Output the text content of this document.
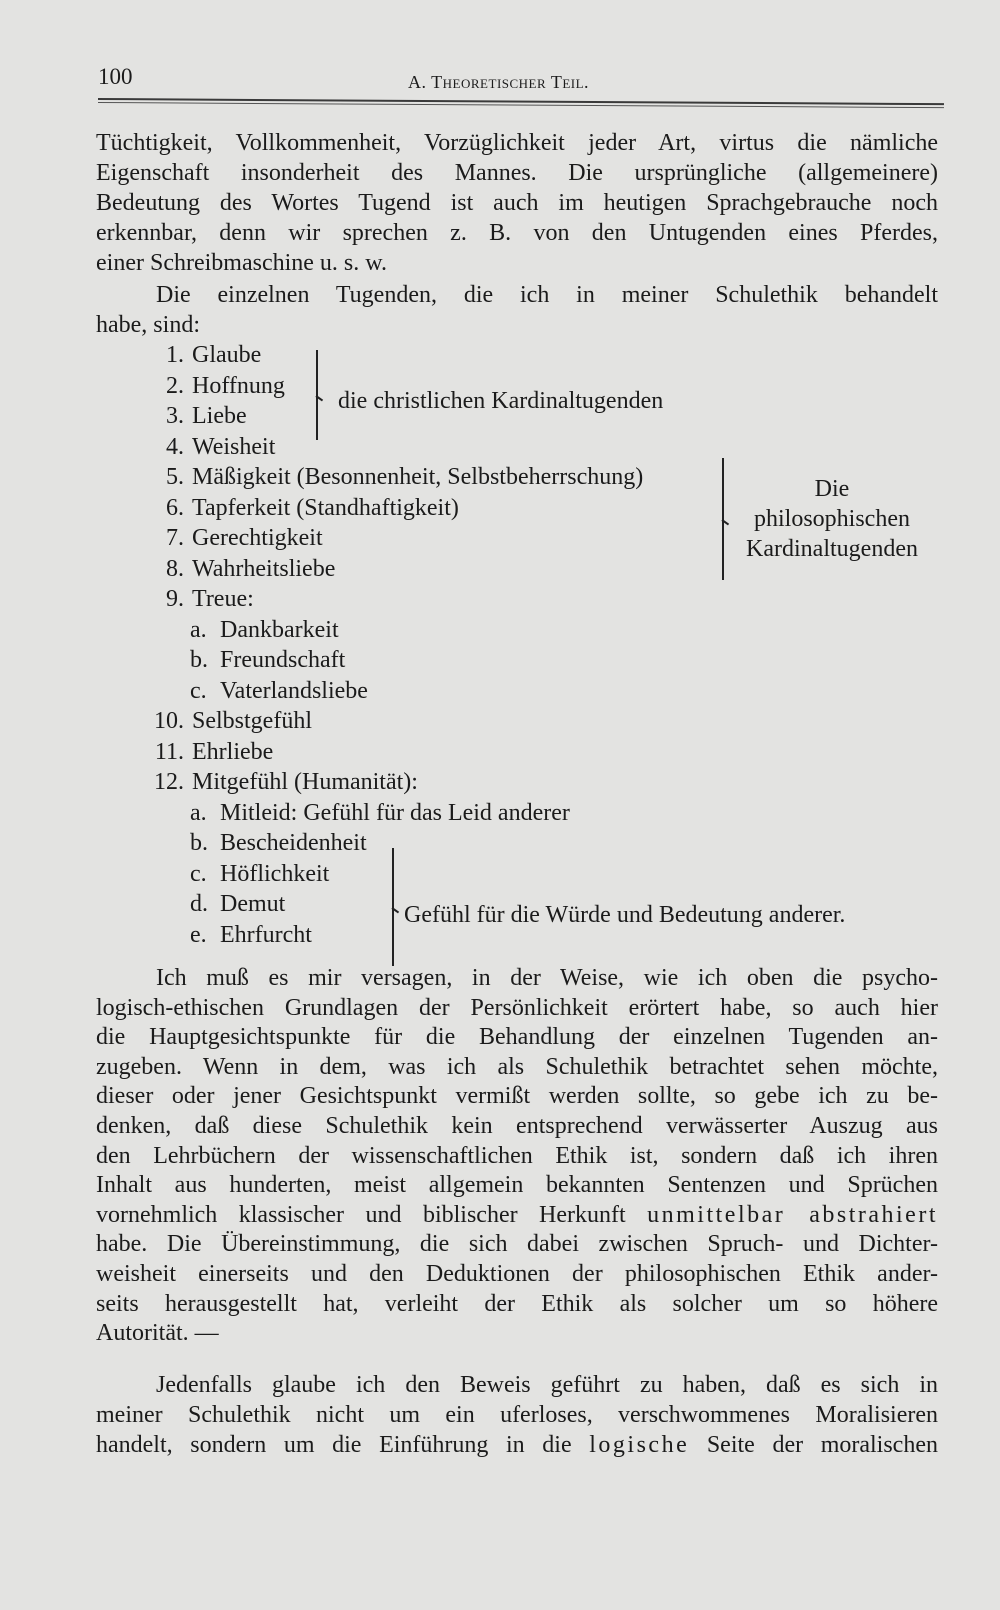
100	A. Theoretischer Teil.
Tüchtigkeit, Vollkommenheit, Vorzüglichkeit jeder Art, virtus die nämliche
Eigenschaft insonderheit des Mannes. Die ursprüngliche (allgemeinere)
Bedeutung des Wortes Tugend ist auch im heutigen Sprachgebrauche noch
erkennbar, denn wir sprechen z. B. von den Untugenden eines Pferdes,
einer Schreibmaschine u. s. w.
Die einzelnen Tugenden, die ich in meiner Schulethik behandelt
habe, sind:
1. Glaube
2. Hoffnung
3. Liebe
4. Weisheit
5. Mäßigkeit (Besonnenheit, Selbstbeherrschung)
6. Tapferkeit (Standhaftigkeit)
7. Gerechtigkeit
8. Wahrheitsliebe
9. Treue:
a. Dankbarkeit
b. Freundschaft
c. Vaterlandsliebe
10. Selbstgefühl
11. Ehrliebe
12. Mitgefühl (Humanität):
a. Mitleid: Gefühl für das Leid anderer
b. Bescheidenheit
c. Höflichkeit
d. Demut
e. Ehrfurcht
die christlichen Kardinaltugenden
Die
philosophischen
Kardinaltugenden
Gefühl für die Würde und Bedeutung anderer.
Ich muß es mir versagen, in der Weise, wie ich oben die psycho-
logisch-ethischen Grundlagen der Persönlichkeit erörtert habe, so auch hier
die Hauptgesichtspunkte für die Behandlung der einzelnen Tugenden an-
zugeben. Wenn in dem, was ich als Schulethik betrachtet sehen möchte,
dieser oder jener Gesichtspunkt vermißt werden sollte, so gebe ich zu be-
denken, daß diese Schulethik kein entsprechend verwässerter Auszug aus
den Lehrbüchern der wissenschaftlichen Ethik ist, sondern daß ich ihren
Inhalt aus hunderten, meist allgemein bekannten Sentenzen und Sprüchen
vornehmlich klassischer und biblischer Herkunft unmittelbar abstrahiert
habe. Die Übereinstimmung, die sich dabei zwischen Spruch- und Dichter-
weisheit einerseits und den Deduktionen der philosophischen Ethik ander-
seits herausgestellt hat, verleiht der Ethik als solcher um so höhere
Autorität. —
Jedenfalls glaube ich den Beweis geführt zu haben, daß es sich in
meiner Schulethik nicht um ein uferloses, verschwommenes Moralisieren
handelt, sondern um die Einführung in die logische Seite der moralischen
